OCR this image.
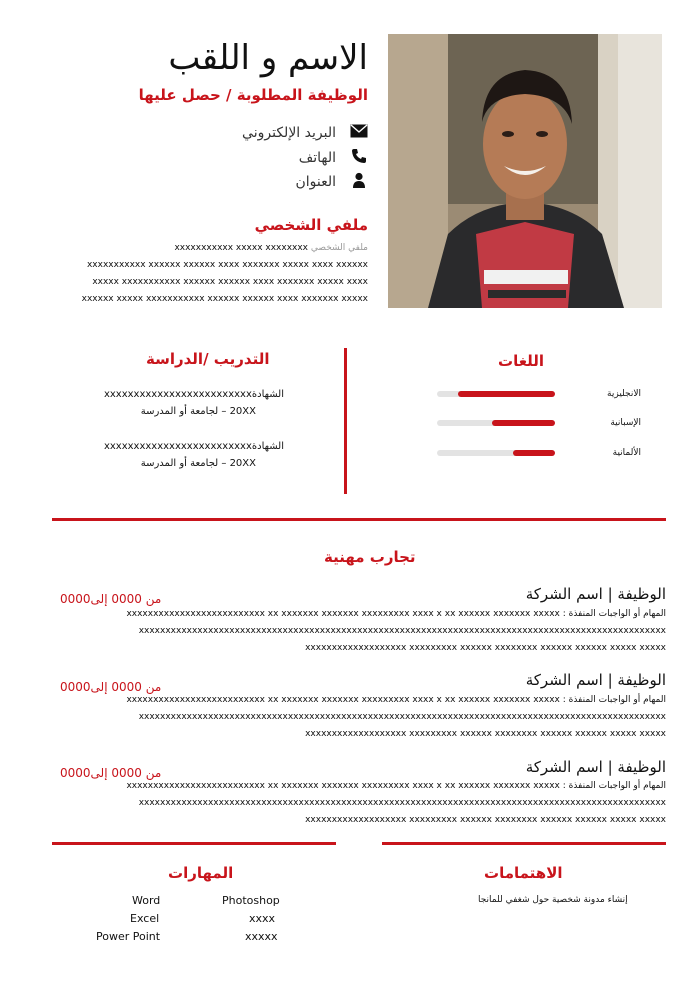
الاسم و اللقب
الوظيفة المطلوبة / حصل عليها
البريد الإلكتروني
الهاتف
العنوان
ملفي الشخصي
ملفي الشخصي xxxxxxxxxxx xxxxx xxxxxxxx
xxxxxxxxxxx xxxxxx xxxxxx xxxx xxxxxxx xxxxx xxxx xxxxxx
xxxxx xxxxxxxxxxx xxxxxx xxxxxx xxxx xxxxxxx xxxxx xxxx
xxxxxx xxxxx xxxxxxxxxxx xxxxxx xxxxxx xxxx xxxxxxx xxxxx
اللغات
الانجليزية
الإسبانية
الألمانية
التدريب /الدراسة
الشهادةxxxxxxxxxxxxxxxxxxxxxxxxx
20XX – لجامعة أو المدرسة
الشهادةxxxxxxxxxxxxxxxxxxxxxxxxx
20XX – لجامعة أو المدرسة
تجارب مهنية
الوظيفة | اسم الشركة
من 0000 إلى0000
المهام أو الواجبات المنفذة : xxxxxxxxxxxxxxxxxxxxxxxxxx xx xxxxxxx xxxxxxx xxxxxxxxx xxxx x xx xxxxxx xxxxxxx xxxxx
xxxxxxxxxxxxxxxxxxxxxxxxxxxxxxxxxxxxxxxxxxxxxxxxxxxxxxxxxxxxxxxxxxxxxxxxxxxxxxxxxxxxxxxxxxxxxxxxxxx
xxxxxxxxxxxxxxxxxxx xxxxxxxxx xxxxxx xxxxxxxx xxxxxx xxxxxx xxxxx xxxxx
الوظيفة | اسم الشركة
من 0000 إلى0000
المهام أو الواجبات المنفذة : xxxxxxxxxxxxxxxxxxxxxxxxxx xx xxxxxxx xxxxxxx xxxxxxxxx xxxx x xx xxxxxx xxxxxxx xxxxx
xxxxxxxxxxxxxxxxxxxxxxxxxxxxxxxxxxxxxxxxxxxxxxxxxxxxxxxxxxxxxxxxxxxxxxxxxxxxxxxxxxxxxxxxxxxxxxxxxxx
xxxxxxxxxxxxxxxxxxx xxxxxxxxx xxxxxx xxxxxxxx xxxxxx xxxxxx xxxxx xxxxx
الوظيفة | اسم الشركة
من 0000 إلى0000
المهام أو الواجبات المنفذة : xxxxxxxxxxxxxxxxxxxxxxxxxx xx xxxxxxx xxxxxxx xxxxxxxxx xxxx x xx xxxxxx xxxxxxx xxxxx
xxxxxxxxxxxxxxxxxxxxxxxxxxxxxxxxxxxxxxxxxxxxxxxxxxxxxxxxxxxxxxxxxxxxxxxxxxxxxxxxxxxxxxxxxxxxxxxxxxx
xxxxxxxxxxxxxxxxxxx xxxxxxxxx xxxxxx xxxxxxxx xxxxxx xxxxxx xxxxx xxxxx
الاهتمامات
إنشاء مدونة شخصية حول شغفي للمانجا
المهارات
Photoshop
xxxx
xxxxx
Word
Excel
Power Point
